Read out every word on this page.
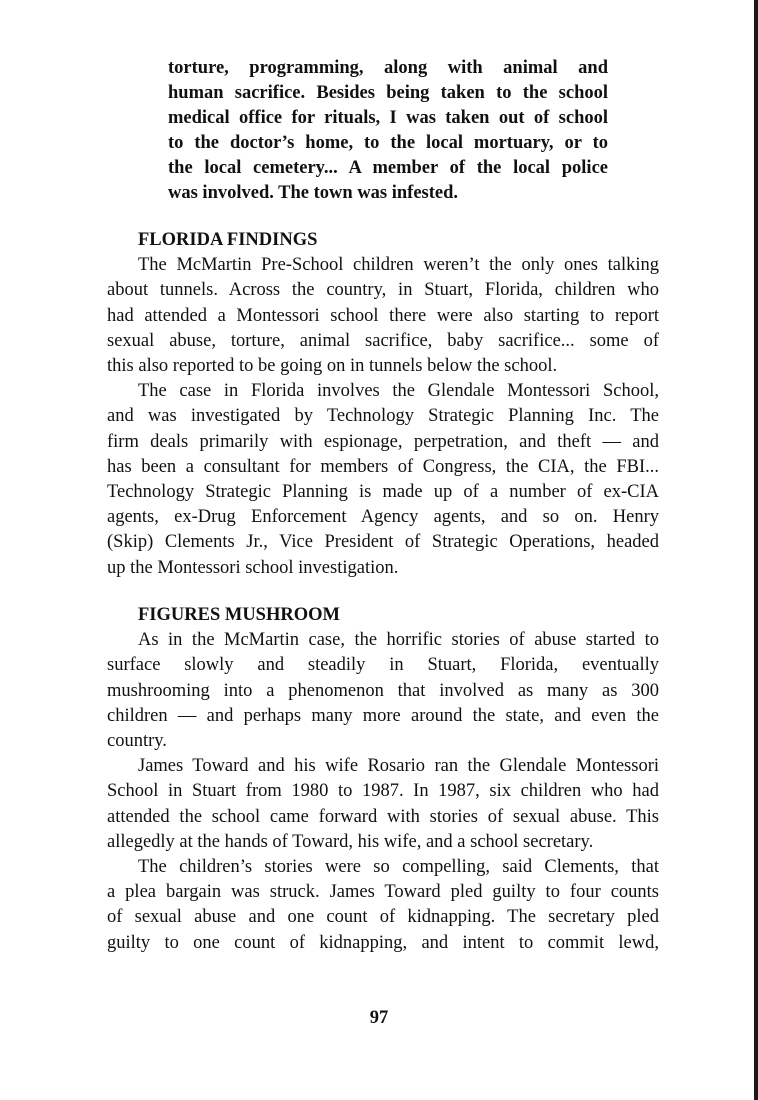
torture, programming, along with animal and
human sacrifice. Besides being taken to the school
medical office for rituals, I was taken out of school
to the doctor’s home, to the local mortuary, or to
the local cemetery... A member of the local police
was involved. The town was infested.
FLORIDA FINDINGS
The McMartin Pre-School children weren’t the only ones talking
about tunnels. Across the country, in Stuart, Florida, children who
had attended a Montessori school there were also starting to report
sexual abuse, torture, animal sacrifice, baby sacrifice... some of
this also reported to be going on in tunnels below the school.
The case in Florida involves the Glendale Montessori School,
and was investigated by Technology Strategic Planning Inc. The
firm deals primarily with espionage, perpetration, and theft — and
has been a consultant for members of Congress, the CIA, the FBI...
Technology Strategic Planning is made up of a number of ex-CIA
agents, ex-Drug Enforcement Agency agents, and so on. Henry
(Skip) Clements Jr., Vice President of Strategic Operations, headed
up the Montessori school investigation.
FIGURES MUSHROOM
As in the McMartin case, the horrific stories of abuse started to
surface slowly and steadily in Stuart, Florida, eventually
mushrooming into a phenomenon that involved as many as 300
children — and perhaps many more around the state, and even the
country.
James Toward and his wife Rosario ran the Glendale Montessori
School in Stuart from 1980 to 1987. In 1987, six children who had
attended the school came forward with stories of sexual abuse. This
allegedly at the hands of Toward, his wife, and a school secretary.
The children’s stories were so compelling, said Clements, that
a plea bargain was struck. James Toward pled guilty to four counts
of sexual abuse and one count of kidnapping. The secretary pled
guilty to one count of kidnapping, and intent to commit lewd,
97
